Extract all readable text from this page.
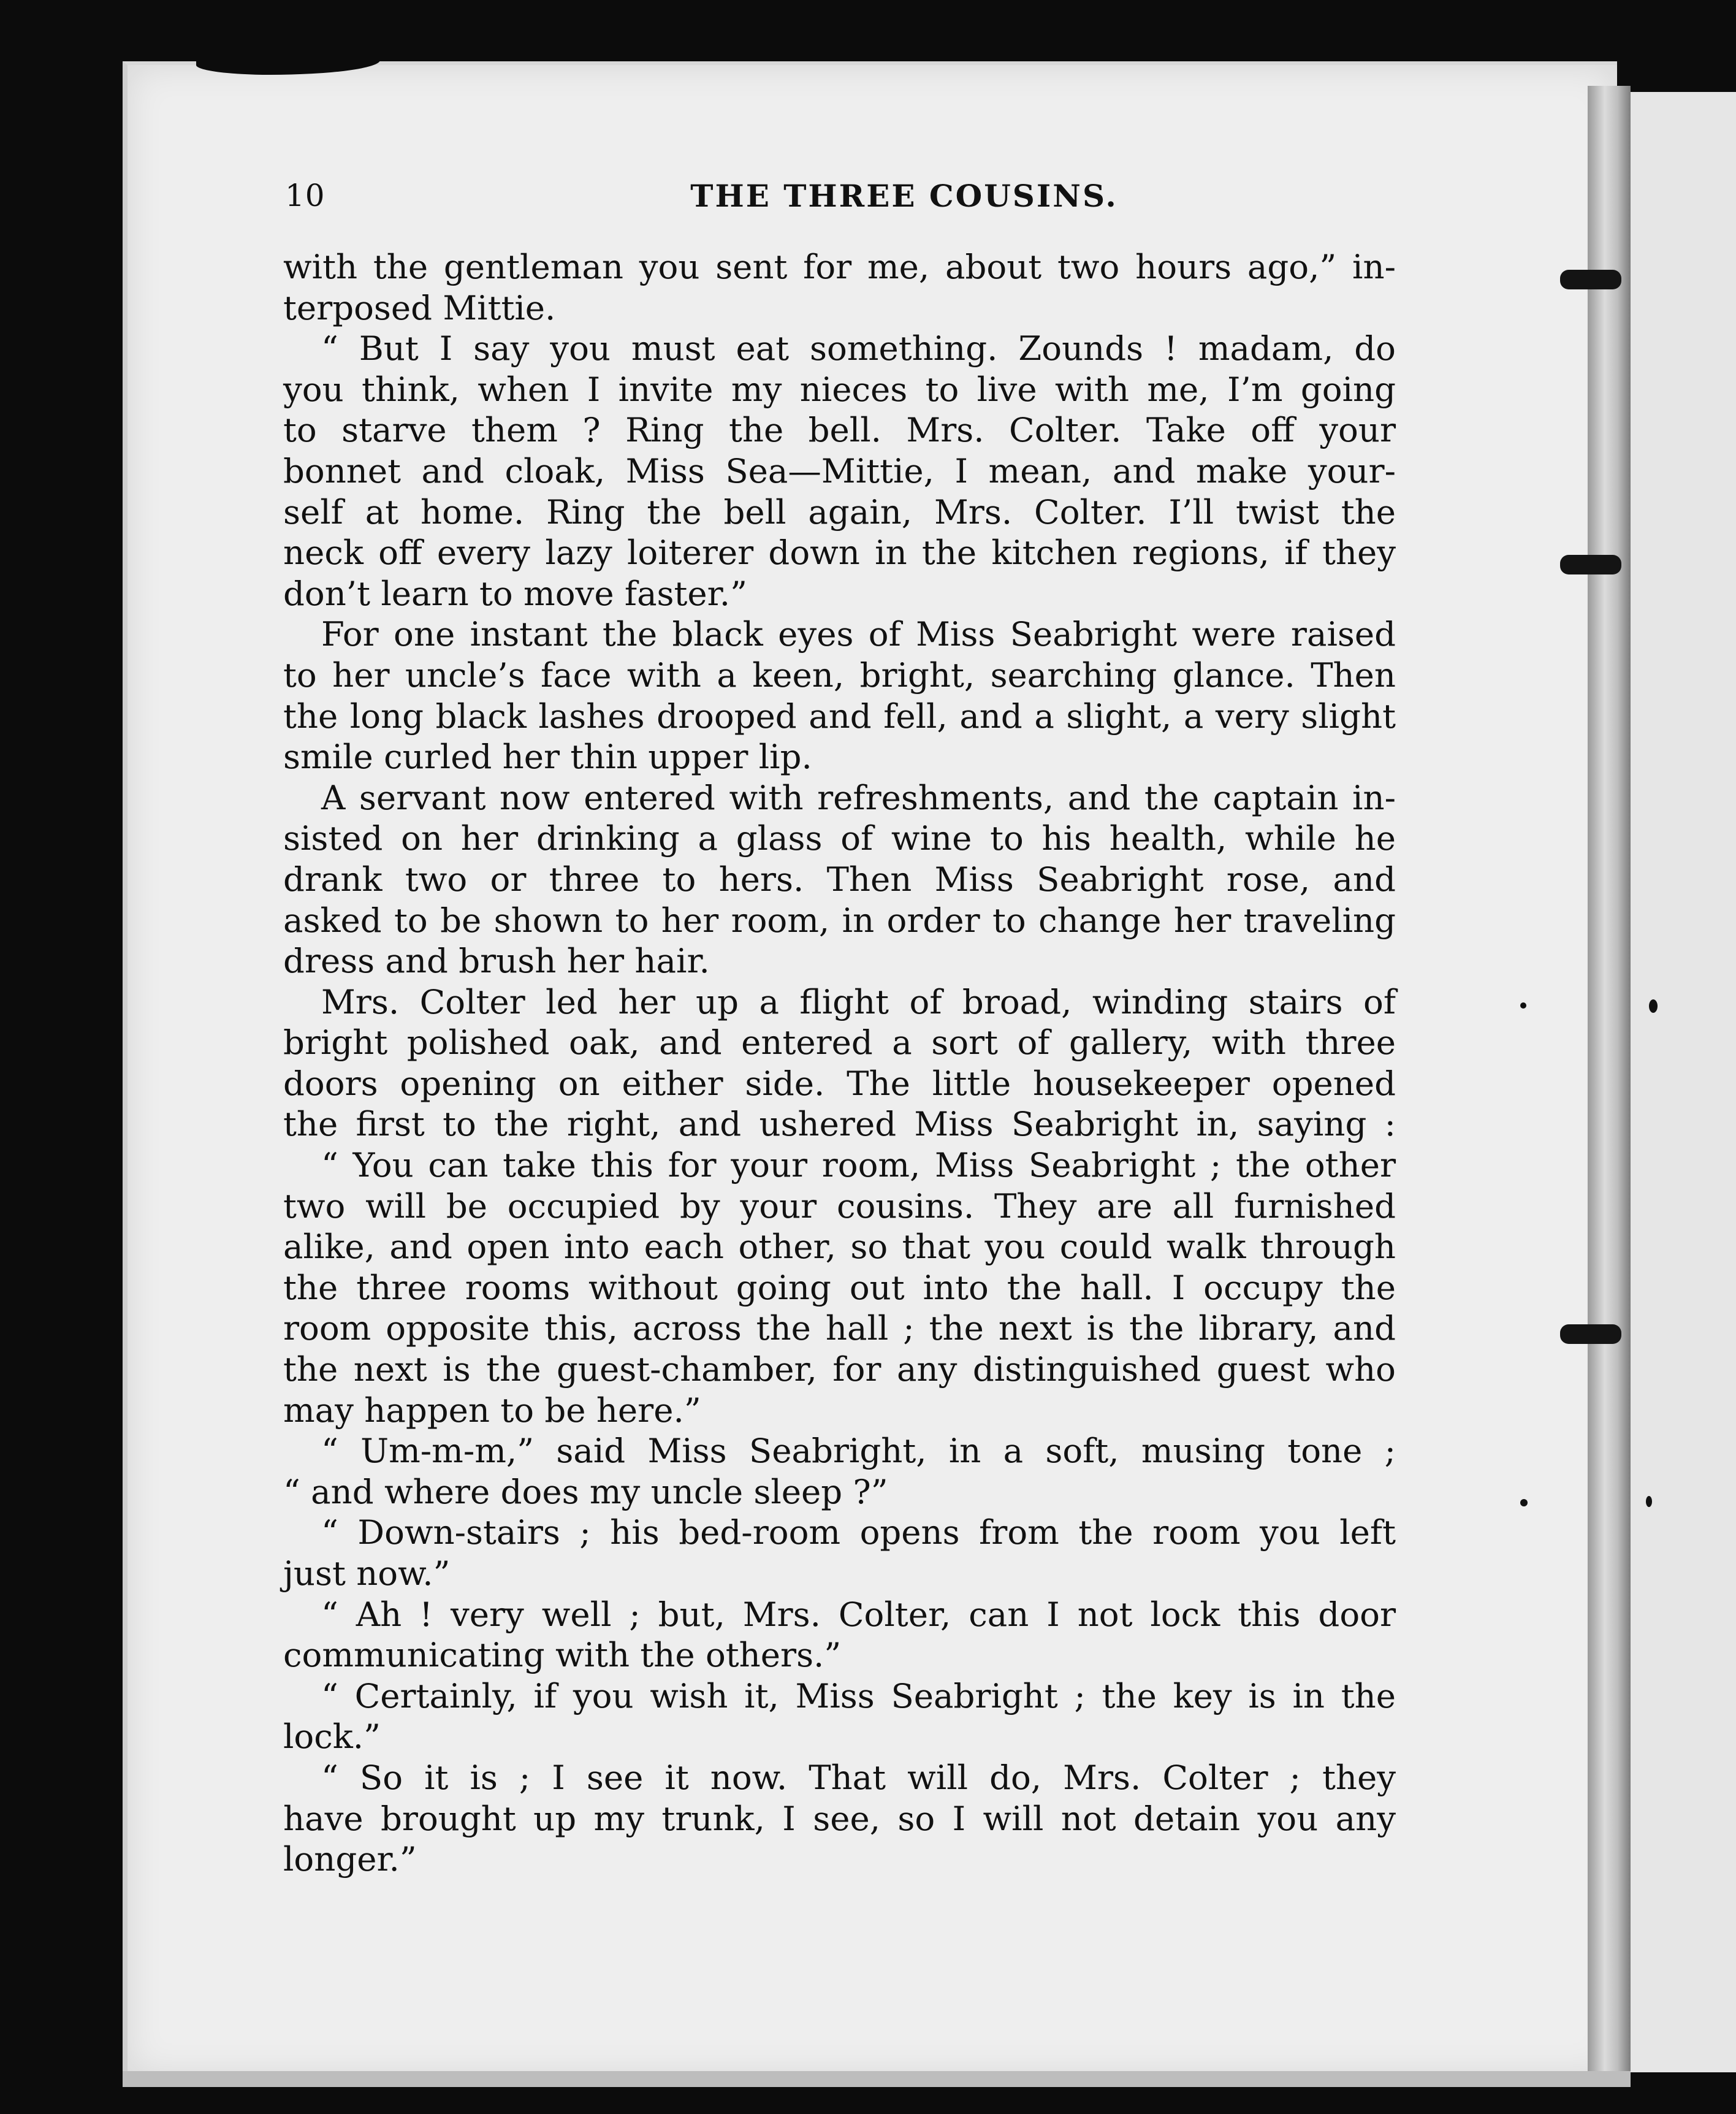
10	THE THREE COUSINS.
with the gentleman you sent for me, about two hours ago,” in-
terposed Mittie.
“ But I say you must eat something. Zounds ! madam, do
you think, when I invite my nieces to live with me, I’m going
to starve them ? Ring the bell. Mrs. Colter. Take off your
bonnet and cloak, Miss Sea—Mittie, I mean, and make your-
self at home. Ring the bell again, Mrs. Colter. I’ll twist the
neck off every lazy loiterer down in the kitchen regions, if they
don’t learn to move faster.”
For one instant the black eyes of Miss Seabright were raised
to her uncle’s face with a keen, bright, searching glance. Then
the long black lashes drooped and fell, and a slight, a very slight
smile curled her thin upper lip.
A servant now entered with refreshments, and the captain in-
sisted on her drinking a glass of wine to his health, while he
drank two or three to hers. Then Miss Seabright rose, and
asked to be shown to her room, in order to change her traveling
dress and brush her hair.
Mrs. Colter led her up a flight of broad, winding stairs of
bright polished oak, and entered a sort of gallery, with three
doors opening on either side. The little housekeeper opened
the first to the right, and ushered Miss Seabright in, saying :
“ You can take this for your room, Miss Seabright ; the other
two will be occupied by your cousins. They are all furnished
alike, and open into each other, so that you could walk through
the three rooms without going out into the hall. I occupy the
room opposite this, across the hall ; the next is the library, and
the next is the guest-chamber, for any distinguished guest who
may happen to be here.”
“ Um-m-m,” said Miss Seabright, in a soft, musing tone ;
“ and where does my uncle sleep ?”
“ Down-stairs ; his bed-room opens from the room you left
just now.”
“ Ah ! very well ; but, Mrs. Colter, can I not lock this door
communicating with the others.”
“ Certainly, if you wish it, Miss Seabright ; the key is in the
lock.”
“ So it is ; I see it now. That will do, Mrs. Colter ; they
have brought up my trunk, I see, so I will not detain you any
longer.”
